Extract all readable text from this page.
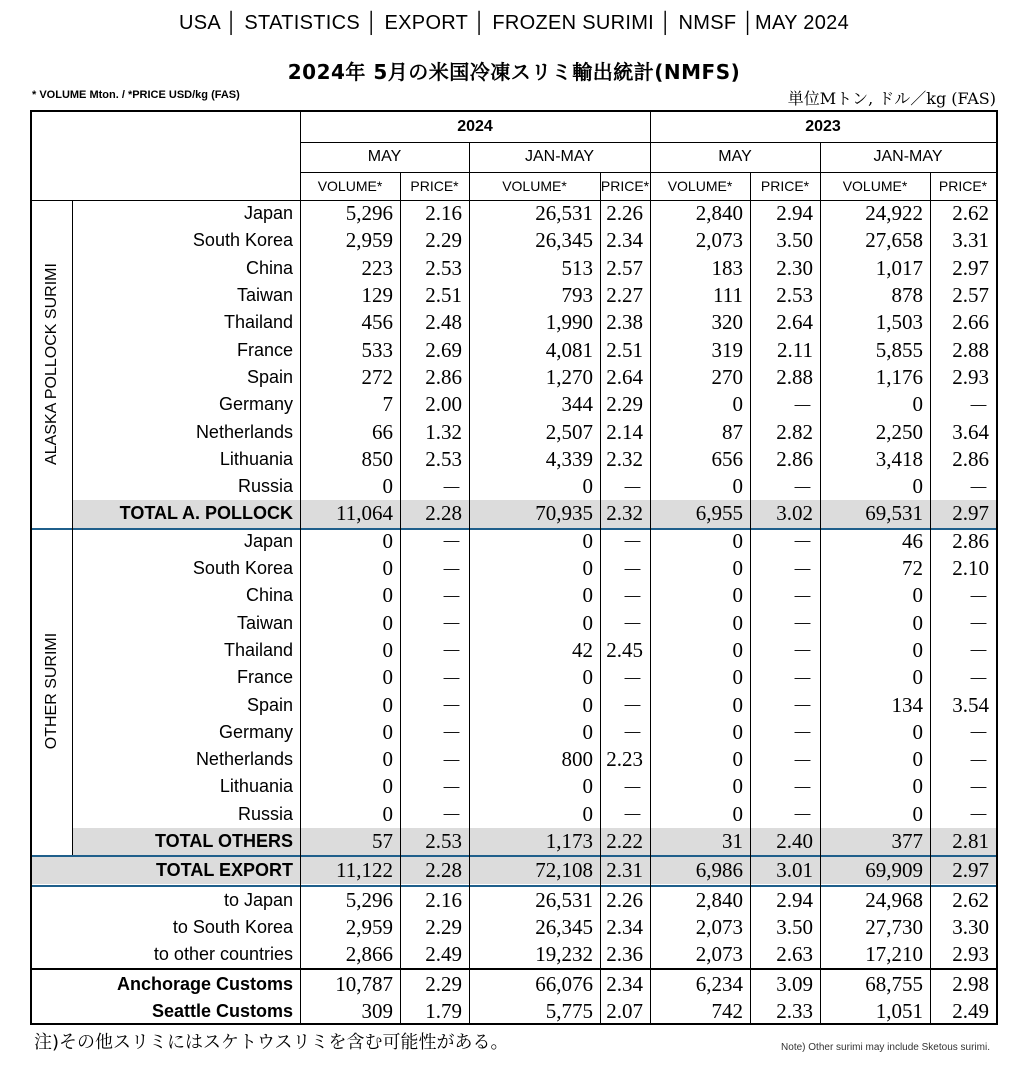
USA │ STATISTICS │ EXPORT │ FROZEN SURIMI │ NMSF │MAY 2024
2024年 5月の米国冷凍スリミ輸出統計(NMFS)
* VOLUME Mton. / *PRICE USD/kg (FAS)	単位Mトン, ドル／kg (FAS)
2024	2023
MAY	JAN-MAY	MAY	JAN-MAY
VOLUME*	PRICE*	VOLUME*	PRICE*	VOLUME*	PRICE*	VOLUME*	PRICE*
Japan	5,296	2.16	26,531 2.26	2,840	2.94	24,922	2.62
South Korea	2,959	2.29	26,345 2.34	2,073	3.50	27,658	3.31
China	223	2.53	513 2.57	183	2.30	1,017	2.97
Taiwan	129	2.51	793 2.27	111	2.53	878	2.57
Thailand	456	2.48	1,990 2.38	320	2.64	1,503	2.66
France	533	2.69	4,081 2.51	319	2.11	5,855	2.88
Spain	272	2.86	1,270 2.64	270	2.88	1,176	2.93
Germany	7	2.00	344 2.29	0	－	0	－
Netherlands	66	1.32	2,507 2.14	87	2.82	2,250	3.64
Lithuania	850	2.53	4,339 2.32	656	2.86	3,418	2.86
Russia	0	－	0	－	0	－	0	－
TOTAL A. POLLOCK	11,064	2.28	70,935 2.32	6,955	3.02	69,531	2.97
ALASKA POLLOCK SURIMI
Japan	0	－	0	－	0	－	46	2.86
South Korea	0	－	0	－	0	－	72	2.10
China	0	－	0	－	0	－	0	－
Taiwan	0	－	0	－	0	－	0	－
Thailand	0	－	42 2.45	0	－	0	－
France	0	－	0	－	0	－	0	－
Spain	0	－	0	－	0	－	134	3.54
Germany	0	－	0	－	0	－	0	－
Netherlands	0	－	800 2.23	0	－	0	－
Lithuania	0	－	0	－	0	－	0	－
Russia	0	－	0	－	0	－	0	－
TOTAL OTHERS	57	2.53	1,173 2.22	31	2.40	377	2.81
OTHER SURIMI
TOTAL EXPORT	11,122	2.28	72,108 2.31	6,986	3.01	69,909	2.97
to Japan	5,296	2.16	26,531 2.26	2,840	2.94	24,968	2.62
to South Korea	2,959	2.29	26,345 2.34	2,073	3.50	27,730	3.30
to other countries	2,866	2.49	19,232 2.36	2,073	2.63	17,210	2.93
Anchorage Customs	10,787	2.29	66,076 2.34	6,234	3.09	68,755	2.98
Seattle Customs	309	1.79	5,775 2.07	742	2.33	1,051	2.49
注)その他スリミにはスケトウスリミを含む可能性がある。	Note) Other surimi may include Sketous surimi.
